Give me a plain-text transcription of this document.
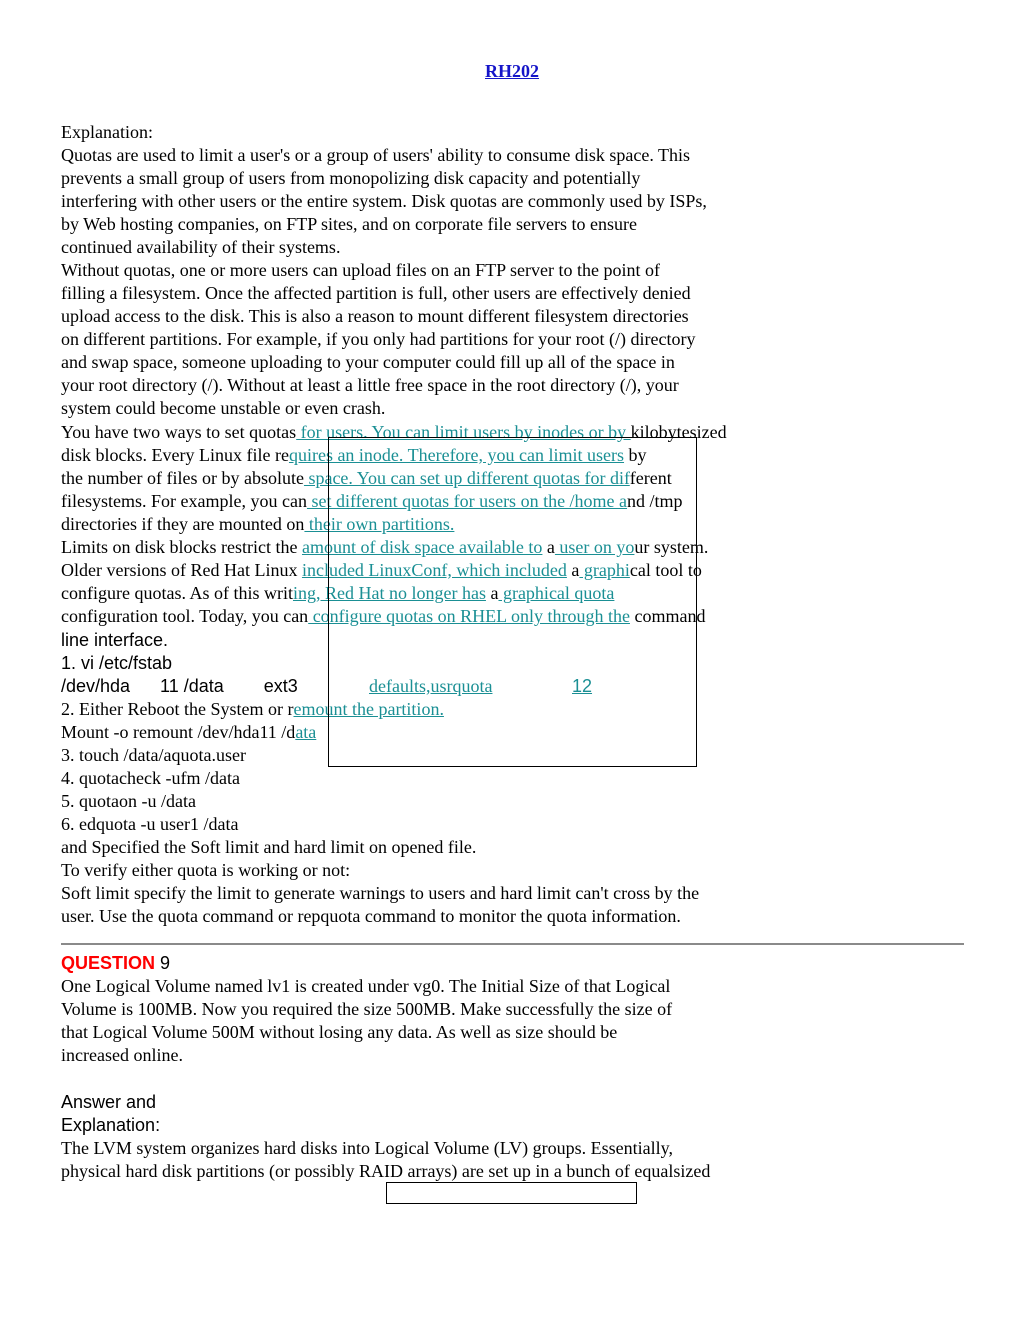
RH202
Explanation:
Quotas are used to limit a user's or a group of users' ability to consume disk space. This
prevents a small group of users from monopolizing disk capacity and potentially
interfering with other users or the entire system. Disk quotas are commonly used by ISPs,
by Web hosting companies, on FTP sites, and on corporate file servers to ensure
continued availability of their systems.
Without quotas, one or more users can upload files on an FTP server to the point of
filling a filesystem. Once the affected partition is full, other users are effectively denied
upload access to the disk. This is also a reason to mount different filesystem directories
on different partitions. For example, if you only had partitions for your root (/) directory
and swap space, someone uploading to your computer could fill up all of the space in
your root directory (/). Without at least a little free space in the root directory (/), your
system could become unstable or even crash.
You have two ways to set quotas for users. You can limit users by inodes or by kilobytesized
disk blocks. Every Linux file requires an inode. Therefore, you can limit users by
the number of files or by absolute space. You can set up different quotas for different
filesystems. For example, you can set different quotas for users on the /home and /tmp
directories if they are mounted on their own partitions.
Limits on disk blocks restrict the amount of disk space available to a user on your system.
Older versions of Red Hat Linux included LinuxConf, which included a graphical tool to
configure quotas. As of this writing, Red Hat no longer has a graphical quota
configuration tool. Today, you can configure quotas on RHEL only through the command
line interface.
1. vi /etc/fstab
/dev/hda      11 /data        ext3	defaults,usrquota	12
2. Either Reboot the System or remount the partition.
Mount -o remount /dev/hda11 /data
3. touch /data/aquota.user
4. quotacheck -ufm /data
5. quotaon -u /data
6. edquota -u user1 /data
and Specified the Soft limit and hard limit on opened file.
To verify either quota is working or not:
Soft limit specify the limit to generate warnings to users and hard limit can't cross by the
user. Use the quota command or repquota command to monitor the quota information.
QUESTION 9
One Logical Volume named lv1 is created under vg0. The Initial Size of that Logical
Volume is 100MB. Now you required the size 500MB. Make successfully the size of
that Logical Volume 500M without losing any data. As well as size should be
increased online.
Answer and
Explanation:
The LVM system organizes hard disks into Logical Volume (LV) groups. Essentially,
physical hard disk partitions (or possibly RAID arrays) are set up in a bunch of equalsized
